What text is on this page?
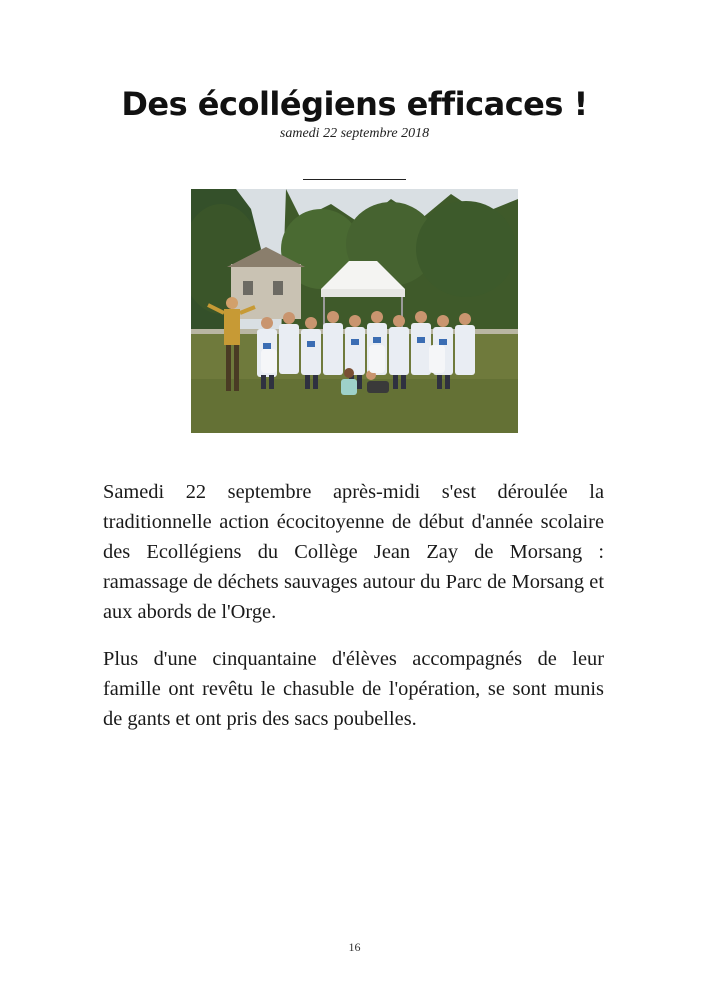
Des écollégiens efficaces !
samedi 22 septembre 2018

Samedi 22 septembre après-midi s'est déroulée la traditionnelle action écocitoyenne de début d'année scolaire des Ecollégiens du Collège Jean Zay de Morsang : ramassage de déchets sauvages autour du Parc de Morsang et aux abords de l'Orge.

Plus d'une cinquantaine d'élèves accompagnés de leur famille ont revêtu le chasuble de l'opération, se sont munis de gants et ont pris des sacs poubelles.

16
